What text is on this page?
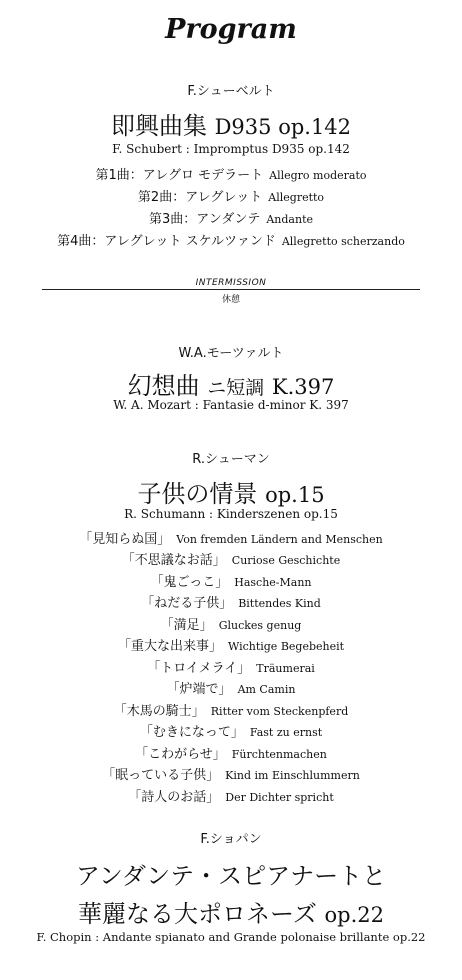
Program
F.シューベルト
即興曲集 D935 op.142
F. Schubert : Impromptus D935 op.142
第1曲：アレグロ モデラート Allegro moderato
第2曲：アレグレット Allegretto
第3曲：アンダンテ Andante
第4曲：アレグレット スケルツァンド Allegretto scherzando
INTERMISSION
休憩
W.A.モーツァルト
幻想曲 ニ短調 K.397
W. A. Mozart : Fantasie d-minor K. 397
R.シューマン
子供の情景 op.15
R. Schumann : Kinderszenen op.15
「見知らぬ国」 Von fremden Ländern and Menschen
「不思議なお話」 Curiose Geschichte
「鬼ごっこ」 Hasche-Mann
「ねだる子供」 Bittendes Kind
「満足」 Gluckes genug
「重大な出来事」 Wichtige Begebeheit
「トロイメライ」 Träumerai
「炉端で」 Am Camin
「木馬の騎士」 Ritter vom Steckenpferd
「むきになって」 Fast zu ernst
「こわがらせ」 Fürchtenmachen
「眠っている子供」 Kind im Einschlummern
「詩人のお話」 Der Dichter spricht
F.ショパン
アンダンテ・スピアナートと
華麗なる大ポロネーズ op.22
F. Chopin : Andante spianato and Grande polonaise brillante op.22
